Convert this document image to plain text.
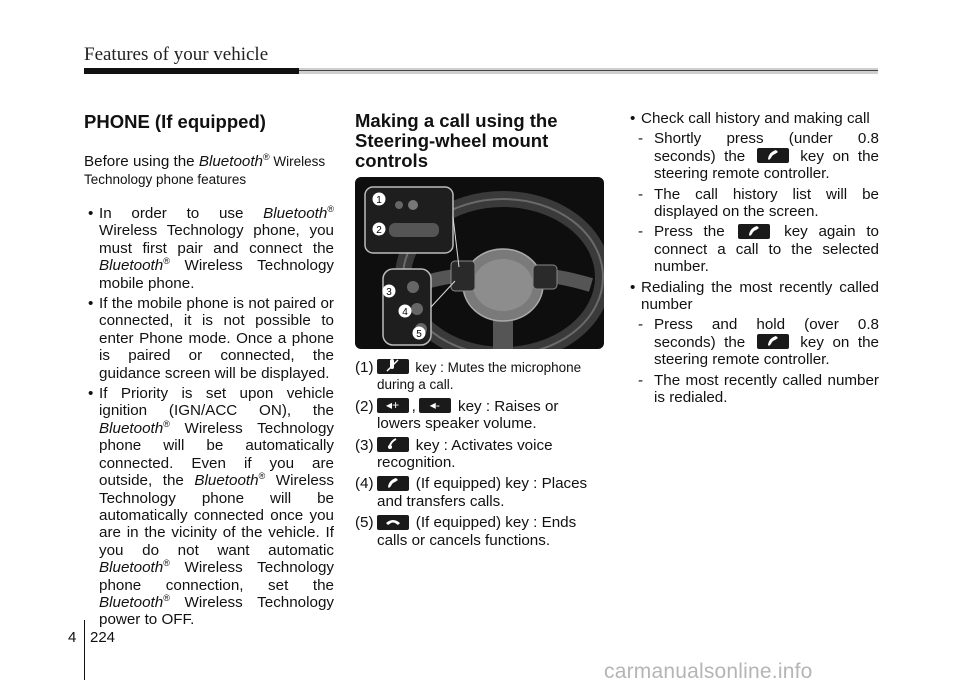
Features of your vehicle
PHONE (If equipped)

Before using the Bluetooth® Wireless
Technology phone features

• In order to use Bluetooth® Wireless Technology phone, you must first pair and connect the Bluetooth® Wireless Technology mobile phone.

• If the mobile phone is not paired or connected, it is not possible to enter Phone mode. Once a phone is paired or connected, the guidance screen will be displayed.

• If Priority is set upon vehicle ignition (IGN/ACC ON), the Bluetooth® Wireless Technology phone will be automatically connected. Even if you are outside, the Bluetooth® Wireless Technology phone will be automatically connected once you are in the vicinity of the vehicle. If you do not want automatic Bluetooth® Wireless Technology phone connection, set the Bluetooth® Wireless Technology power to OFF.

Making a call using the
Steering-wheel mount controls
1
2
3
4
5

(1)	key : Mutes the microphone during a call.

(2) ◂+ , ◂- key : Raises or lowers speaker volume.

(3)	key : Activates voice recognition.

(4)	(If equipped) key : Places and transfers calls.

(5)	(If equipped) key : Ends calls or cancels functions.

• Check call history and making call

- Shortly press (under 0.8 seconds) the	key on the steering remote controller.

- The call history list will be displayed on the screen.

- Press the	key again to connect a call to the selected number.

• Redialing the most recently called number

- Press and hold (over 0.8 seconds) the	key on the steering remote controller.

- The most recently called number is redialed.

4 224
carmanualsonline.info
